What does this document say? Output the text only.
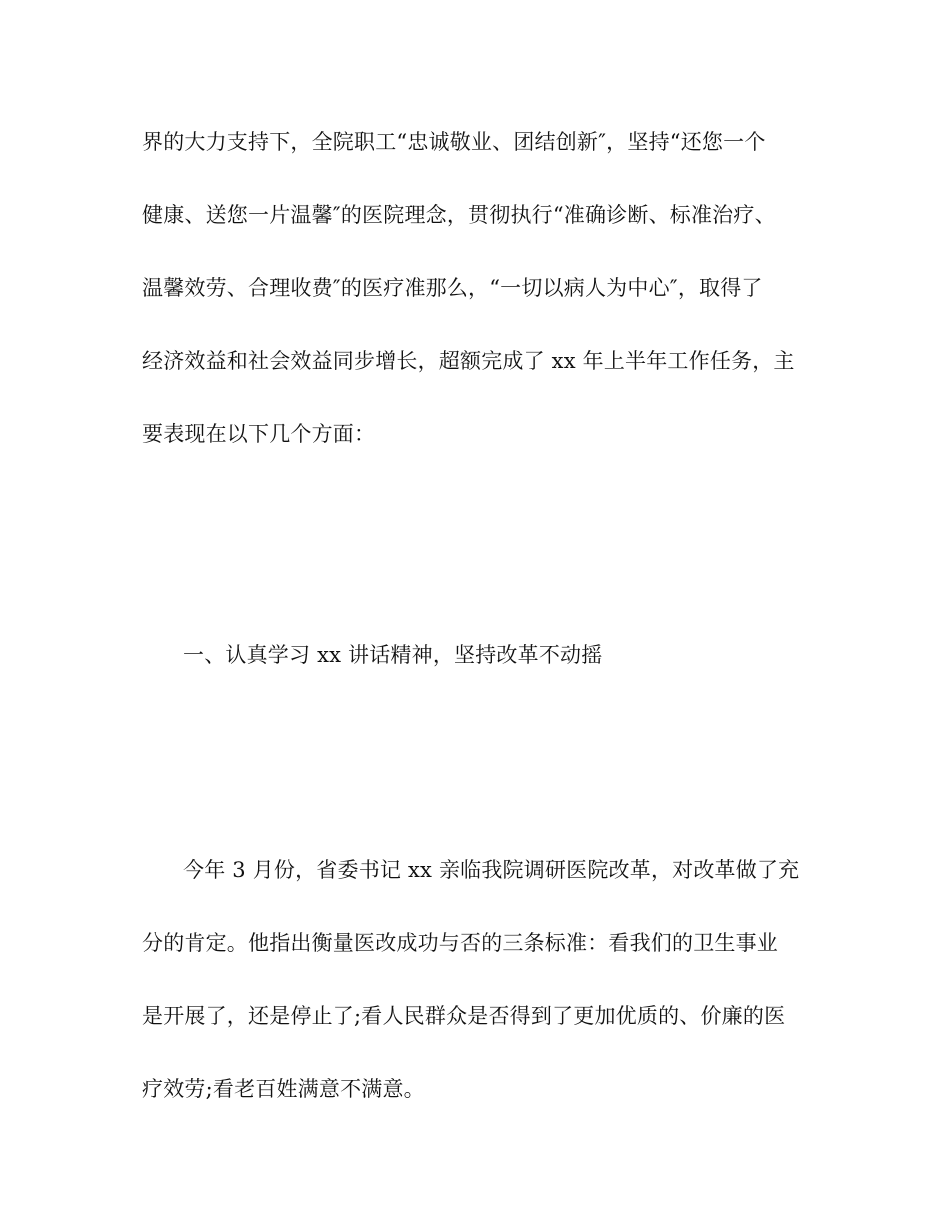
界的大力支持下，全院职工“忠诚敬业、团结创新″，坚持“还您一个
健康、送您一片温馨″的医院理念，贯彻执行“准确诊断、标准治疗、
温馨效劳、合理收费″的医疗准那么，“一切以病人为中心″，取得了
经济效益和社会效益同步增长，超额完成了 xx 年上半年工作任务，主
要表现在以下几个方面：
一、认真学习 xx 讲话精神，坚持改革不动摇
今年 3 月份，省委书记 xx 亲临我院调研医院改革，对改革做了充
分的肯定。他指出衡量医改成功与否的三条标准：看我们的卫生事业
是开展了，还是停止了;看人民群众是否得到了更加优质的、价廉的医
疗效劳;看老百姓满意不满意。
